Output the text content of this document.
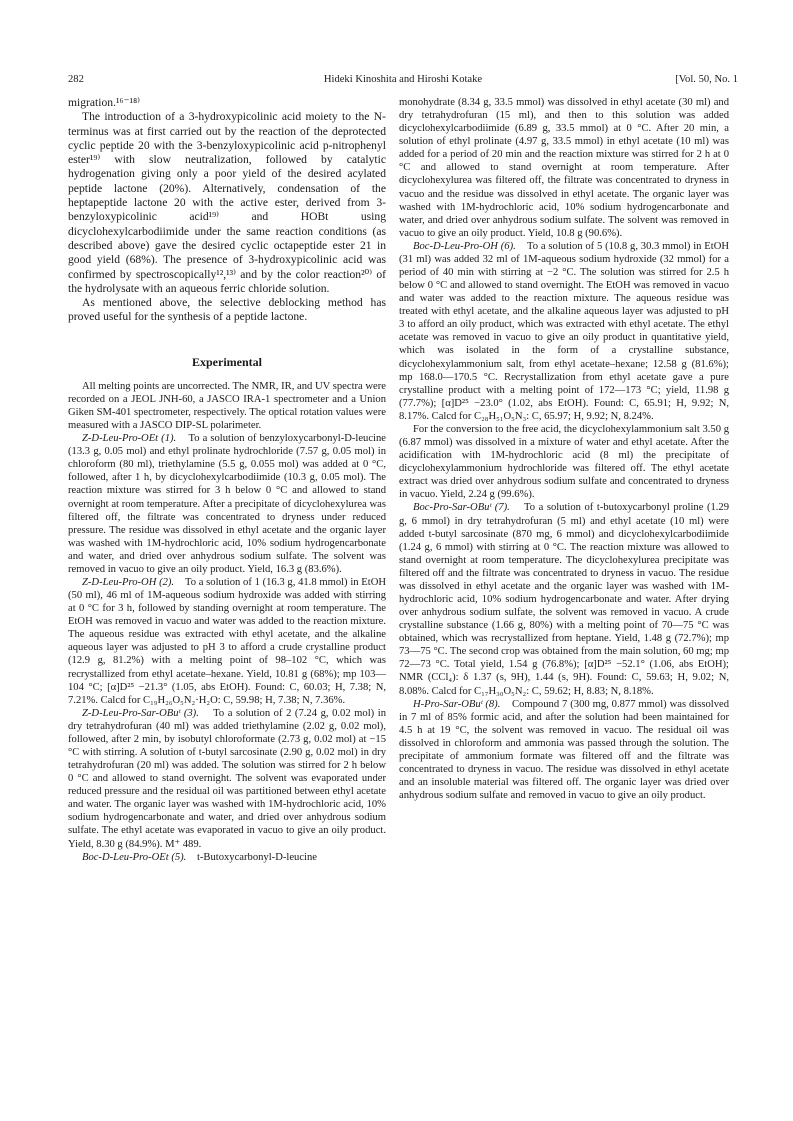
282	Hideki Kinoshita and Hiroshi Kotake	[Vol. 50, No. 1

migration.¹⁶⁻¹⁸⁾

The introduction of a 3-hydroxypicolinic acid moiety to the N-terminus was at first carried out by the reaction of the deprotected cyclic peptide 20 with the 3-benzyloxypicolinic acid p-nitrophenyl ester¹⁹⁾ with slow neutralization, followed by catalytic hydrogenation giving only a poor yield of the desired acylated peptide lactone (20%). Alternatively, condensation of the heptapeptide lactone 20 with the active ester, derived from 3-benzyloxypicolinic acid¹⁹⁾ and HOBt using dicyclohexylcarbodiimide under the same reaction conditions (as described above) gave the desired cyclic octapeptide ester 21 in good yield (68%). The presence of 3-hydroxypicolinic acid was confirmed by spectroscopically¹²,¹³⁾ and by the color reaction²⁰⁾ of the hydrolysate with an aqueous ferric chloride solution.

As mentioned above, the selective deblocking method has proved useful for the synthesis of a peptide lactone.

Experimental

All melting points are uncorrected. The NMR, IR, and UV spectra were recorded on a JEOL JNH-60, a JASCO IRA-1 spectrometer and a Union Giken SM-401 spectrometer, respectively. The optical rotation values were measured with a JASCO DIP-SL polarimeter.

Z-D-Leu-Pro-OEt (1). To a solution of benzyloxycarbonyl-D-leucine (13.3 g, 0.05 mol) and ethyl prolinate hydrochloride (7.57 g, 0.05 mol) in chloroform (80 ml), triethylamine (5.5 g, 0.055 mol) was added at 0 °C, followed, after 1 h, by dicyclohexylcarbodiimide (10.3 g, 0.05 mol). The reaction mixture was stirred for 3 h below 0 °C and allowed to stand overnight at room temperature. After a precipitate of dicyclohexylurea was filtered off, the filtrate was concentrated to dryness under reduced pressure. The residue was dissolved in ethyl acetate and the organic layer was washed with 1M-hydrochloric acid, 10% sodium hydrogencarbonate and water, and dried over anhydrous sodium sulfate. The solvent was removed in vacuo to give an oily product. Yield, 16.3 g (83.6%).

Z-D-Leu-Pro-OH (2). To a solution of 1 (16.3 g, 41.8 mmol) in EtOH (50 ml), 46 ml of 1M-aqueous sodium hydroxide was added with stirring at 0 °C for 3 h, followed by standing overnight at room temperature. The EtOH was removed in vacuo and water was added to the reaction mixture. The aqueous residue was extracted with ethyl acetate, and the alkaline aqueous layer was adjusted to pH 3 to afford a crude crystalline product (12.9 g, 81.2%) with a melting point of 98–102 °C, which was recrystallized from ethyl acetate–hexane. Yield, 10.81 g (68%); mp 103—104 °C; [α]D²⁵ −21.3° (1.05, abs EtOH). Found: C, 60.03; H, 7.38; N, 7.21%. Calcd for C₁₉H₂₆O₅N₂·H₂O: C, 59.98; H, 7.38; N, 7.36%.

Z-D-Leu-Pro-Sar-OBuᵗ (3). To a solution of 2 (7.24 g, 0.02 mol) in dry tetrahydrofuran (40 ml) was added triethylamine (2.02 g, 0.02 mol), followed, after 2 min, by isobutyl chloroformate (2.73 g, 0.02 mol) at −15 °C with stirring. A solution of t-butyl sarcosinate (2.90 g, 0.02 mol) in dry tetrahydrofuran (20 ml) was added. The solution was stirred for 2 h below 0 °C and allowed to stand overnight. The solvent was evaporated under reduced pressure and the residual oil was partitioned between ethyl acetate and water. The organic layer was washed with 1M-hydrochloric acid, 10% sodium hydrogencarbonate and water, and dried over anhydrous sodium sulfate. The ethyl acetate was evaporated in vacuo to give an oily product. Yield, 8.30 g (84.9%). M⁺ 489.

Boc-D-Leu-Pro-OEt (5). t-Butoxycarbonyl-D-leucine

monohydrate (8.34 g, 33.5 mmol) was dissolved in ethyl acetate (30 ml) and dry tetrahydrofuran (15 ml), and then to this solution was added dicyclohexylcarbodiimide (6.89 g, 33.5 mmol) at 0 °C. After 20 min, a solution of ethyl prolinate (4.97 g, 33.5 mmol) in ethyl acetate (10 ml) was added for a period of 20 min and the reaction mixture was stirred for 2 h at 0 °C and allowed to stand overnight at room temperature. After dicyclohexylurea was filtered off, the filtrate was concentrated to dryness in vacuo and the residue was dissolved in ethyl acetate. The organic layer was washed with 1M-hydrochloric acid, 10% sodium hydrogencarbonate and water, and dried over anhydrous sodium sulfate. The solvent was removed in vacuo to give an oily product. Yield, 10.8 g (90.6%).

Boc-D-Leu-Pro-OH (6). To a solution of 5 (10.8 g, 30.3 mmol) in EtOH (31 ml) was added 32 ml of 1M-aqueous sodium hydroxide (32 mmol) for a period of 40 min with stirring at −2 °C. The solution was stirred for 2.5 h below 0 °C and allowed to stand overnight. The EtOH was removed in vacuo and water was added to the reaction mixture. The aqueous residue was treated with ethyl acetate, and the alkaline aqueous layer was adjusted to pH 3 to afford an oily product, which was extracted with ethyl acetate. The ethyl acetate was removed in vacuo to give an oily product in quantitative yield, which was isolated in the form of a crystalline substance, dicyclohexylammonium salt, from ethyl acetate–hexane; 12.58 g (81.6%); mp 168.0—170.5 °C. Recrystallization from ethyl acetate gave a pure crystalline product with a melting point of 172—173 °C; yield, 11.98 g (77.7%); [α]D²⁵ −23.0° (1.02, abs EtOH). Found: C, 65.91; H, 9.92; N, 8.17%. Calcd for C₂₈H₅₁O₅N₃: C, 65.97; H, 9.92; N, 8.24%.

For the conversion to the free acid, the dicyclohexylammonium salt 3.50 g (6.87 mmol) was dissolved in a mixture of water and ethyl acetate. After the acidification with 1M-hydrochloric acid (8 ml) the precipitate of dicyclohexylammonium hydrochloride was filtered off. The ethyl acetate extract was dried over anhydrous sodium sulfate and concentrated to dryness in vacuo. Yield, 2.24 g (99.6%).

Boc-Pro-Sar-OBuᵗ (7). To a solution of t-butoxycarbonyl proline (1.29 g, 6 mmol) in dry tetrahydrofuran (5 ml) and ethyl acetate (10 ml) were added t-butyl sarcosinate (870 mg, 6 mmol) and dicyclohexylcarbodiimide (1.24 g, 6 mmol) with stirring at 0 °C. The reaction mixture was allowed to stand overnight at room temperature. The dicyclohexylurea precipitate was filtered off and the filtrate was concentrated to dryness in vacuo. The residue was dissolved in ethyl acetate and the organic layer was washed with 1M-hydrochloric acid, 10% sodium hydrogencarbonate and water. After drying over anhydrous sodium sulfate, the solvent was removed in vacuo. A crude crystalline substance (1.66 g, 80%) with a melting point of 70—75 °C was obtained, which was recrystallized from heptane. Yield, 1.48 g (72.7%); mp 73—75 °C. The second crop was obtained from the main solution, 60 mg; mp 72—73 °C. Total yield, 1.54 g (76.8%); [α]D²⁵ −52.1° (1.06, abs EtOH); NMR (CCl₄): δ 1.37 (s, 9H), 1.44 (s, 9H). Found: C, 59.63; H, 9.02; N, 8.08%. Calcd for C₁₇H₃₀O₅N₂: C, 59.62; H, 8.83; N, 8.18%.

H-Pro-Sar-OBuᵗ (8). Compound 7 (300 mg, 0.877 mmol) was dissolved in 7 ml of 85% formic acid, and after the solution had been maintained for 4.5 h at 19 °C, the solvent was removed in vacuo. The residual oil was dissolved in chloroform and ammonia was passed through the solution. The precipitate of ammonium formate was filtered off and the filtrate was concentrated to dryness in vacuo. The residue was dissolved in ethyl acetate and an insoluble material was filtered off. The organic layer was dried over anhydrous sodium sulfate and removed in vacuo to give an oily product.
